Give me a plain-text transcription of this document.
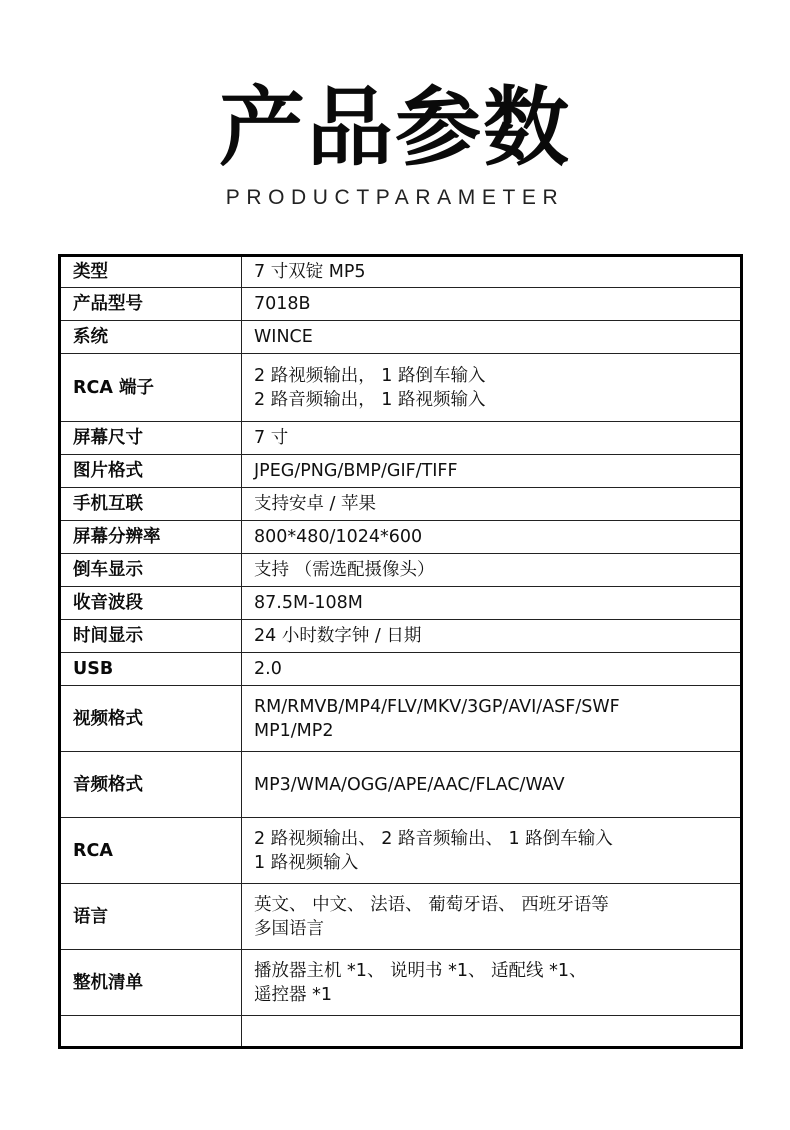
产品参数
PRODUCTPARAMETER
类型	7 寸双锭 MP5

产品型号	7018B

系统	WINCE

RCA 端子	2 路视频输出， 1 路倒车输入
2 路音频输出， 1 路视频输入

屏幕尺寸	7 寸

图片格式	JPEG/PNG/BMP/GIF/TIFF

手机互联	支持安卓 / 苹果

屏幕分辨率	800*480/1024*600

倒车显示	支持 （需选配摄像头）

收音波段	87.5M-108M

时间显示	24 小时数字钟 / 日期

USB	2.0

视频格式	RM/RMVB/MP4/FLV/MKV/3GP/AVI/ASF/SWF
MP1/MP2

音频格式	MP3/WMA/OGG/APE/AAC/FLAC/WAV

RCA	2 路视频输出、 2 路音频输出、 1 路倒车输入
1 路视频输入

语言	英文、 中文、 法语、 葡萄牙语、 西班牙语等
多国语言

整机清单	播放器主机 *1、 说明书 *1、 适配线 *1、
遥控器 *1
